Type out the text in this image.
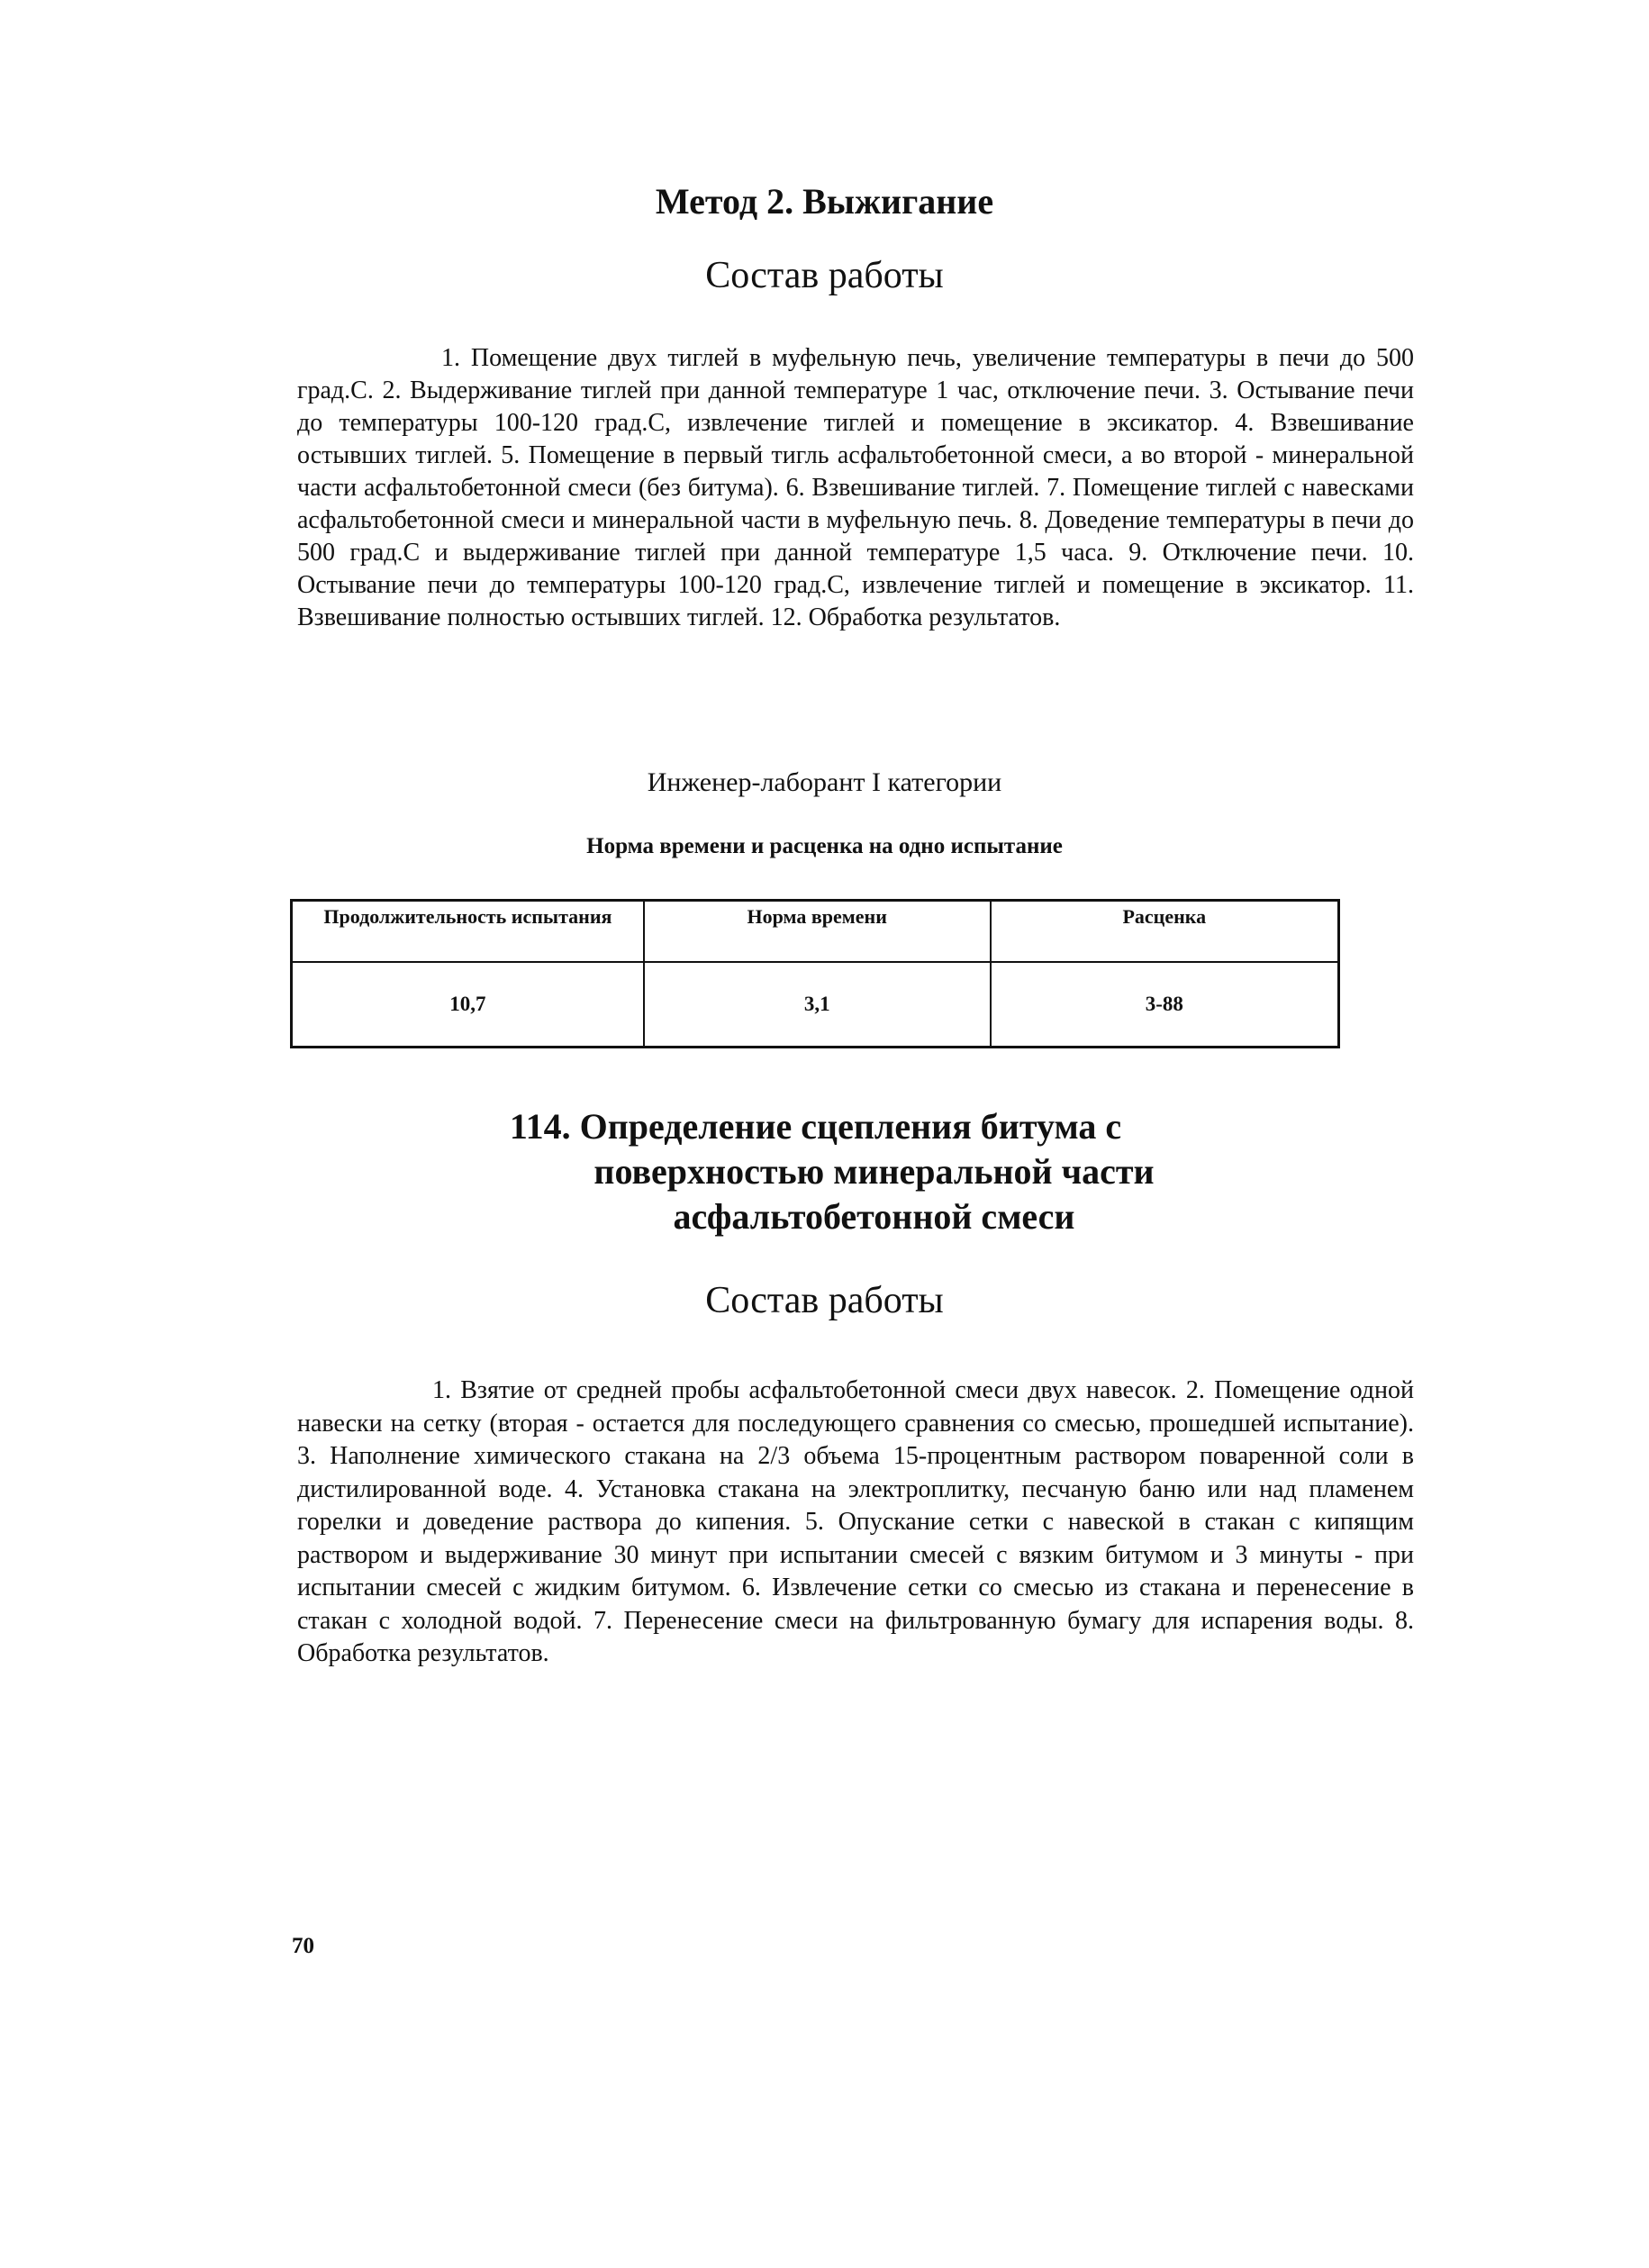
Метод 2. Выжигание
Состав работы

1. Помещение двух тиглей в муфельную печь, увеличение температуры в печи до 500 град.С. 2. Выдерживание тиглей при данной температуре 1 час, отключение печи. 3. Остывание печи до температуры 100-120 град.С, извлечение тиглей и помещение в эксикатор. 4. Взвешивание остывших тиглей. 5. Помещение в первый тигль асфальтобетонной смеси, а во второй - минеральной части асфальтобетонной смеси (без битума). 6. Взвешивание тиглей. 7. Помещение тиглей с навесками асфальтобетонной смеси и минеральной части в муфельную печь. 8. Доведение температуры в печи до 500 град.С и выдерживание тиглей при данной температуре 1,5 часа. 9. Отключение печи. 10. Остывание печи до температуры 100-120 град.С, извлечение тиглей и помещение в эксикатор. 11. Взвешивание полностью остывших тиглей. 12. Обработка результатов.

Инженер-лаборант I категории

Норма времени и расценка на одно испытание

Продолжительность испытания	Норма времени	Расценка
10,7	3,1	3-88
114. Определение сцепления битума с
поверхностью минеральной части
асфальтобетонной смеси
Состав работы

1. Взятие от средней пробы асфальтобетонной смеси двух навесок. 2. Помещение одной навески на сетку (вторая - остается для последующего сравнения со смесью, прошедшей испытание). 3. Наполнение химического стакана на 2/3 объема 15-процентным раствором поваренной соли в дистилированной воде. 4. Установка стакана на электроплитку, песчаную баню или над пламенем горелки и доведение раствора до кипения. 5. Опускание сетки с навеской в стакан с кипящим раствором и выдерживание 30 минут при испытании смесей с вязким битумом и 3 минуты - при испытании смесей с жидким битумом. 6. Извлечение сетки со смесью из стакана и перенесение в стакан с холодной водой. 7. Перенесение смеси на фильтрованную бумагу для испарения воды. 8. Обработка результатов.

70
